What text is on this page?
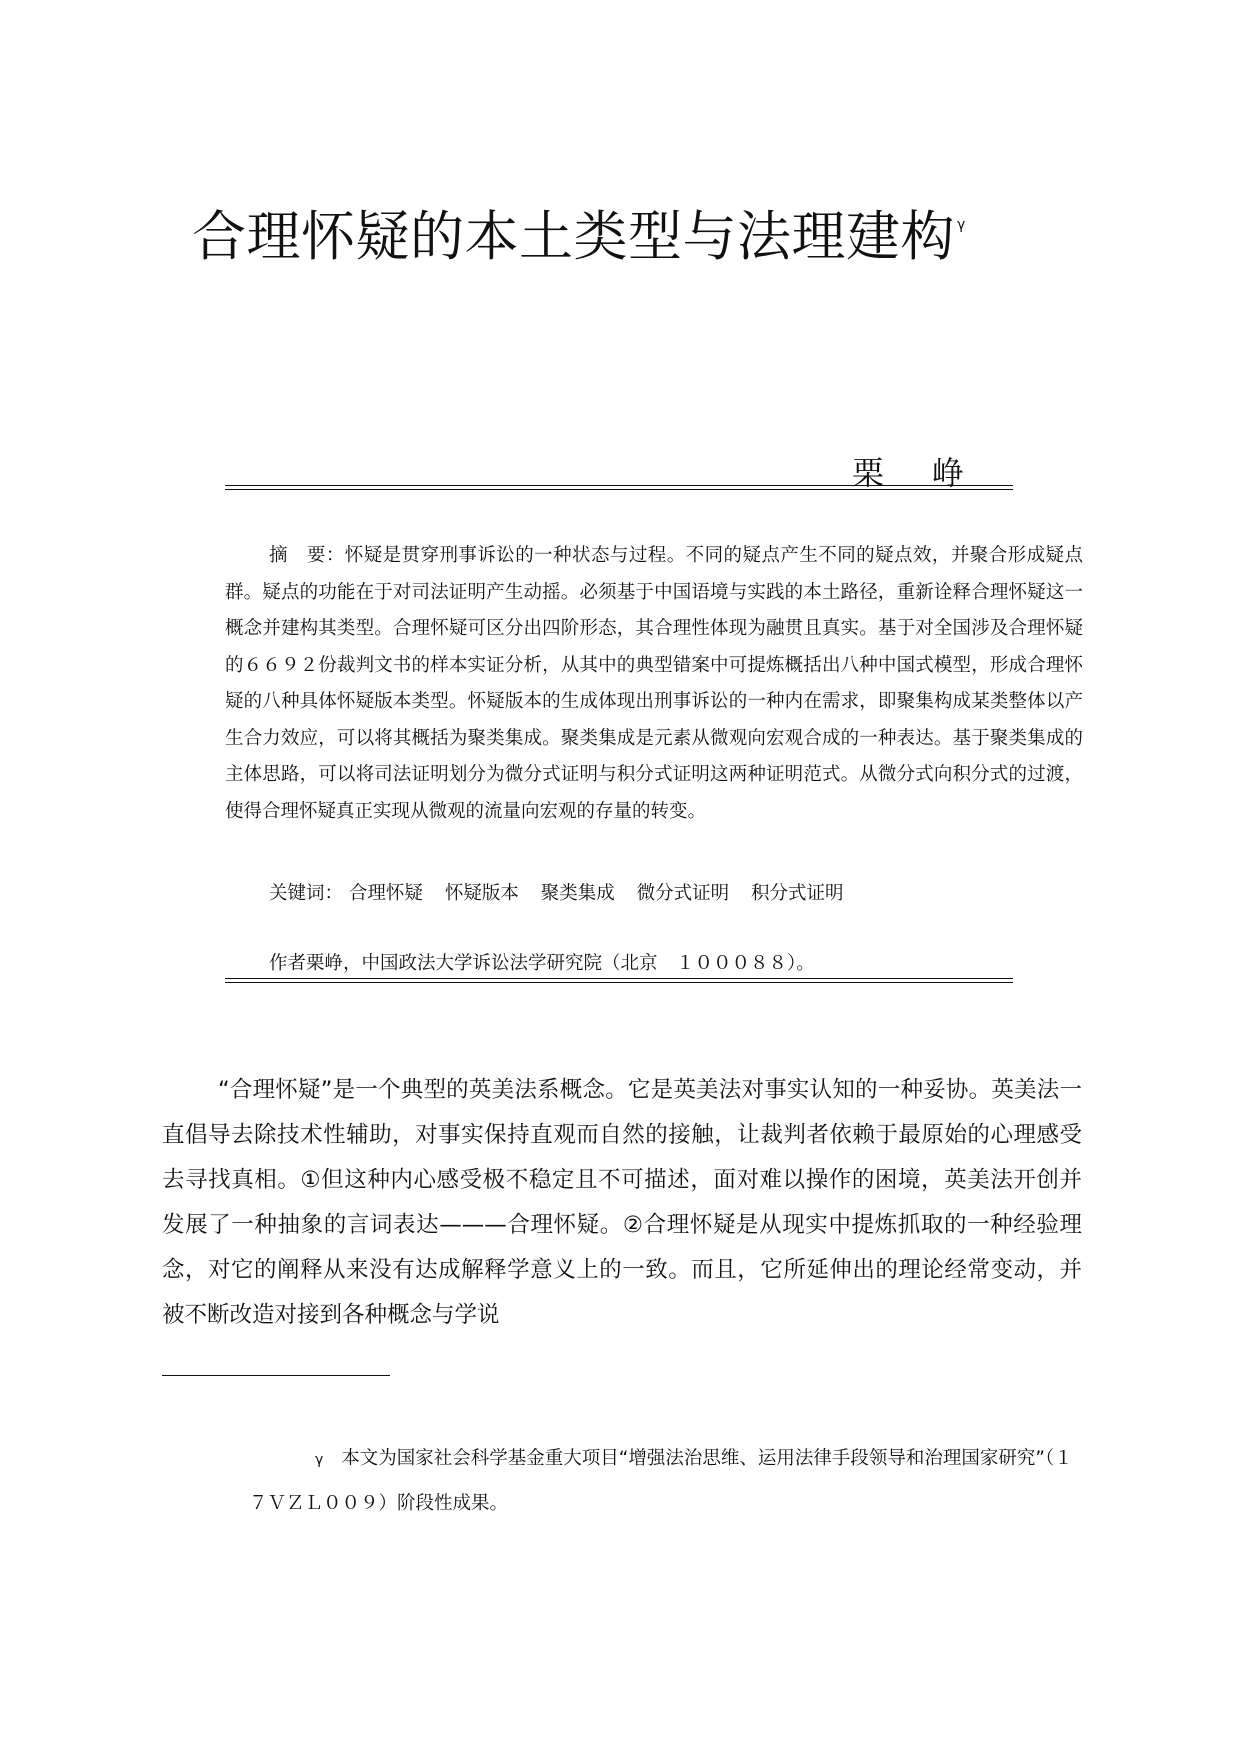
合理怀疑的本土类型与法理建构 $^\gamma$
栗峥

摘　要：怀疑是贯穿刑事诉讼的一种状态与过程。不同的疑点产生不同的疑点效，并聚合形成疑点群。疑点的功能在于对司法证明产生动摇。必须基于中国语境与实践的本土路径，重新诠释合理怀疑这一概念并建构其类型。合理怀疑可区分出四阶形态，其合理性体现为融贯且真实。基于对全国涉及合理怀疑的６６９２份裁判文书的样本实证分析，从其中的典型错案中可提炼概括出八种中国式模型，形成合理怀疑的八种具体怀疑版本类型。怀疑版本的生成体现出刑事诉讼的一种内在需求，即聚集构成某类整体以产生合力效应，可以将其概括为聚类集成。聚类集成是元素从微观向宏观合成的一种表达。基于聚类集成的主体思路，可以将司法证明划分为微分式证明与积分式证明这两种证明范式。从微分式向积分式的过渡，使得合理怀疑真正实现从微观的流量向宏观的存量的转变。

关键词： 合理怀疑 怀疑版本 聚类集成 微分式证明 积分式证明
作者栗峥，中国政法大学诉讼法学研究院（北京　１０００８８）。

“合理怀疑”是一个典型的英美法系概念。它是英美法对事实认知的一种妥协。英美法一直倡导去除技术性辅助，对事实保持直观而自然的接触，让裁判者依赖于最原始的心理感受去寻找真相。①但这种内心感受极不稳定且不可描述，面对难以操作的困境，英美法开创并发展了一种抽象的言词表达———合理怀疑。②合理怀疑是从现实中提炼抓取的一种经验理念，对它的阐释从来没有达成解释学意义上的一致。而且，它所延伸出的理论经常变动，并被不断改造对接到各种概念与学说

γ 本文为国家社会科学基金重大项目“增强法治思维、运用法律手段领导和治理国家研究”（１７ＶＺＬ００９）阶段性成果。
